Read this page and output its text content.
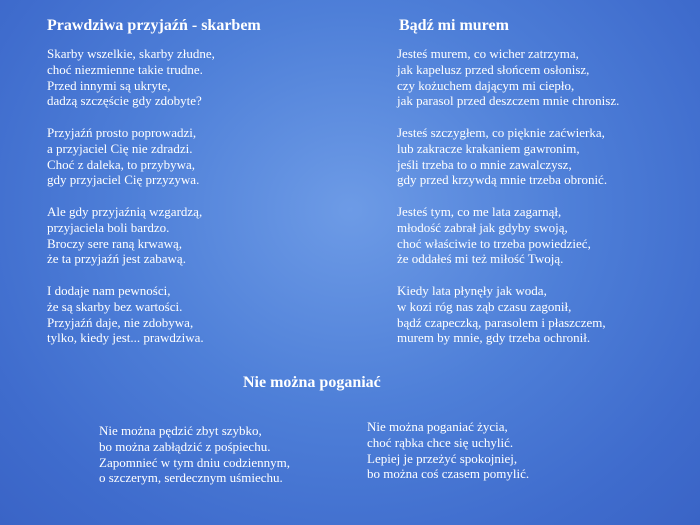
Prawdziwa przyjaźń - skarbem
Skarby wszelkie, skarby złudne,
choć niezmienne takie trudne.
Przed innymi są ukryte,
dadzą szczęście gdy zdobyte?
Przyjaźń prosto poprowadzi,
a przyjaciel Cię nie zdradzi.
Choć z daleka, to przybywa,
gdy przyjaciel Cię przyzywa.
Ale gdy przyjaźnią wzgardzą,
przyjaciela boli bardzo.
Broczy sere raną krwawą,
że ta przyjaźń jest zabawą.
I dodaje nam pewności,
że są skarby bez wartości.
Przyjaźń daje, nie zdobywa,
tylko, kiedy jest... prawdziwa.
Bądź mi murem
Jesteś murem, co wicher zatrzyma,
jak kapelusz przed słońcem osłonisz,
czy kożuchem dającym mi ciepło,
jak parasol przed deszczem mnie chronisz.
Jesteś szczygłem, co pięknie zaćwierka,
lub zakracze krakaniem gawronim,
jeśli trzeba to o mnie zawalczysz,
gdy przed krzywdą mnie trzeba obronić.
Jesteś tym, co me lata zagarnął,
młodość zabrał jak gdyby swoją,
choć właściwie to trzeba powiedzieć,
że oddałeś mi też miłość Twoją.
Kiedy lata płynęły jak woda,
w kozi róg nas ząb czasu zagonił,
bądź czapeczką, parasolem i płaszczem,
murem by mnie, gdy trzeba ochronił.
Nie można poganiać
Nie można pędzić zbyt szybko,
bo można zabłądzić z pośpiechu.
Zapomnieć w tym dniu codziennym,
o szczerym, serdecznym uśmiechu.
Nie można poganiać życia,
choć rąbka chce się uchylić.
Lepiej je przeżyć spokojniej,
bo można coś czasem pomylić.
